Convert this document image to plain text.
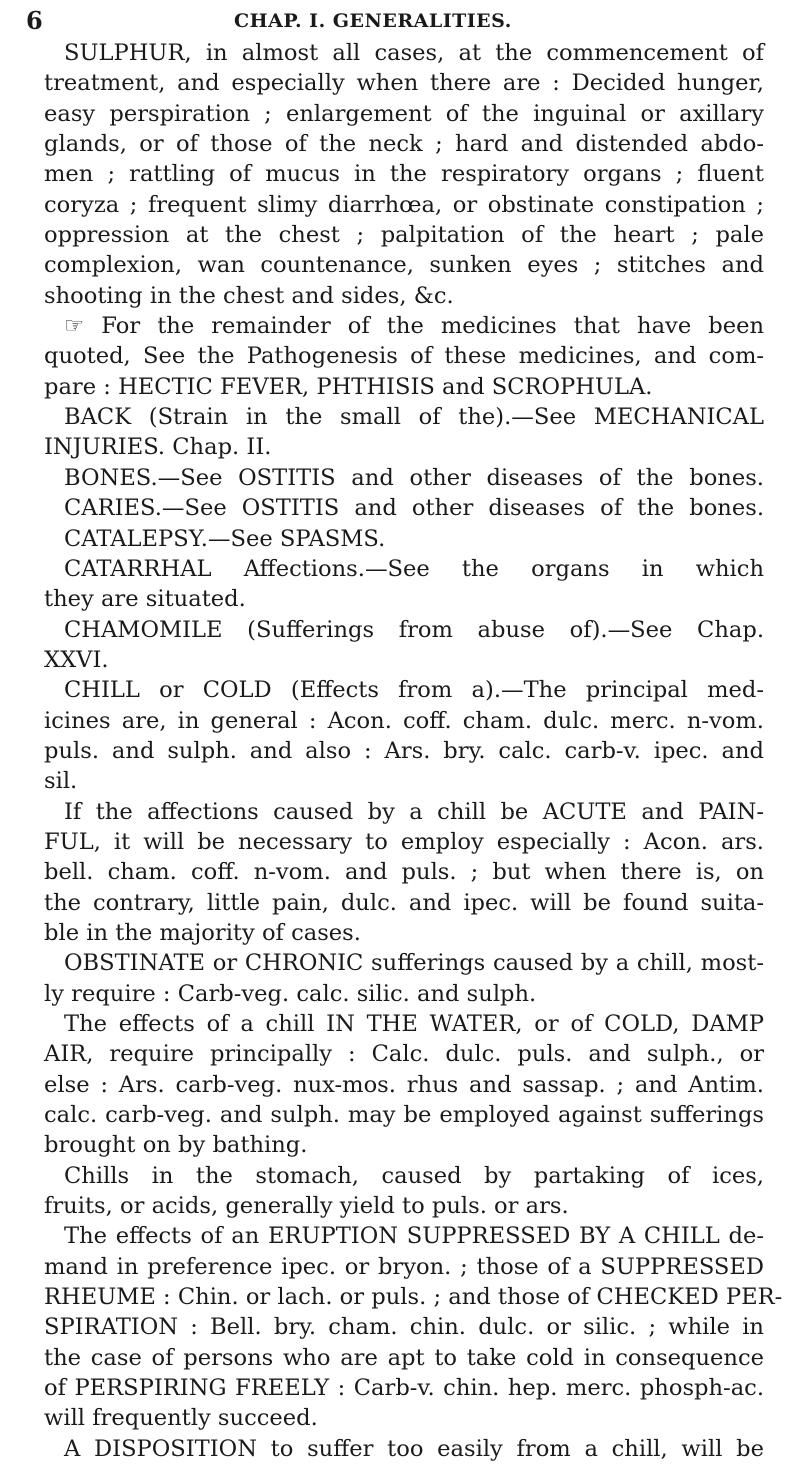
6	CHAP. I. GENERALITIES.
SULPHUR, in almost all cases, at the commencement of
treatment, and especially when there are : Decided hunger,
easy perspiration ; enlargement of the inguinal or axillary
glands, or of those of the neck ; hard and distended abdo-
men ; rattling of mucus in the respiratory organs ; fluent
coryza ; frequent slimy diarrhœa, or obstinate constipation ;
oppression at the chest ; palpitation of the heart ; pale
complexion, wan countenance, sunken eyes ; stitches and
shooting in the chest and sides, &c.
☞ For the remainder of the medicines that have been
quoted, See the Pathogenesis of these medicines, and com-
pare : HECTIC FEVER, PHTHISIS and SCROPHULA.
BACK (Strain in the small of the).—See MECHANICAL
INJURIES. Chap. II.
BONES.—See OSTITIS and other diseases of the bones.
CARIES.—See OSTITIS and other diseases of the bones.
CATALEPSY.—See SPASMS.
CATARRHAL Affections.—See the organs in which
they are situated.
CHAMOMILE (Sufferings from abuse of).—See Chap.
XXVI.
CHILL or COLD (Effects from a).—The principal med-
icines are, in general : Acon. coff. cham. dulc. merc. n-vom.
puls. and sulph. and also : Ars. bry. calc. carb-v. ipec. and
sil.
If the affections caused by a chill be ACUTE and PAIN-
FUL, it will be necessary to employ especially : Acon. ars.
bell. cham. coff. n-vom. and puls. ; but when there is, on
the contrary, little pain, dulc. and ipec. will be found suita-
ble in the majority of cases.
OBSTINATE or CHRONIC sufferings caused by a chill, most-
ly require : Carb-veg. calc. silic. and sulph.
The effects of a chill IN THE WATER, or of COLD, DAMP
AIR, require principally : Calc. dulc. puls. and sulph., or
else : Ars. carb-veg. nux-mos. rhus and sassap. ; and Antim.
calc. carb-veg. and sulph. may be employed against sufferings
brought on by bathing.
Chills in the stomach, caused by partaking of ices,
fruits, or acids, generally yield to puls. or ars.
The effects of an ERUPTION SUPPRESSED BY A CHILL de-
mand in preference ipec. or bryon. ; those of a SUPPRESSED
RHEUME : Chin. or lach. or puls. ; and those of CHECKED PER-
SPIRATION : Bell. bry. cham. chin. dulc. or silic. ; while in
the case of persons who are apt to take cold in consequence
of PERSPIRING FREELY : Carb-v. chin. hep. merc. phosph-ac.
will frequently succeed.
A DISPOSITION to suffer too easily from a chill, will be
